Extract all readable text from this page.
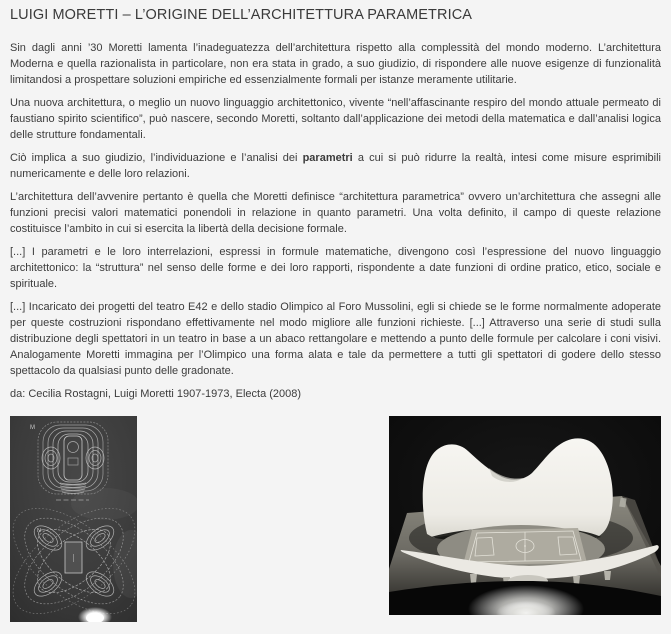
LUIGI MORETTI – L’ORIGINE DELL’ARCHITETTURA PARAMETRICA

Sin dagli anni ’30 Moretti lamenta l’inadeguatezza dell’architettura rispetto alla complessità del mondo moderno. L’architettura Moderna e quella razionalista in particolare, non era stata in grado, a suo giudizio, di rispondere alle nuove esigenze di funzionalità limitandosi a prospettare soluzioni empiriche ed essenzialmente formali per istanze meramente utilitarie.

Una nuova architettura, o meglio un nuovo linguaggio architettonico, vivente “nell’affascinante respiro del mondo attuale permeato di faustiano spirito scientifico”, può nascere, secondo Moretti, soltanto dall’applicazione dei metodi della matematica e dall’analisi logica delle strutture fondamentali.

Ciò implica a suo giudizio, l’individuazione e l’analisi dei parametri a cui si può ridurre la realtà, intesi come misure esprimibili numericamente e delle loro relazioni.

L’architettura dell’avvenire pertanto è quella che Moretti definisce “architettura parametrica” ovvero un’architettura che assegni alle funzioni precisi valori matematici ponendoli in relazione in quanto parametri. Una volta definito, il campo di queste relazione costituisce l’ambito in cui si esercita la libertà della decisione formale.

[...] I parametri e le loro interrelazioni, espressi in formule matematiche, divengono così l’espressione del nuovo linguaggio architettonico: la “struttura” nel senso delle forme e dei loro rapporti, rispondente a date funzioni di ordine pratico, etico, sociale e spirituale.

[...] Incaricato dei progetti del teatro E42 e dello stadio Olimpico al Foro Mussolini, egli si chiede se le forme normalmente adoperate per queste costruzioni rispondano effettivamente nel modo migliore alle funzioni richieste. [...] Attraverso una serie di studi sulla distribuzione degli spettatori in un teatro in base a un abaco rettangolare e mettendo a punto delle formule per calcolare i coni visivi. Analogamente Moretti immagina per l’Olimpico una forma alata e tale da permettere a tutti gli spettatori di godere dello stesso spettacolo da qualsiasi punto delle gradonate.

da: Cecilia Rostagni, Luigi Moretti 1907-1973, Electa (2008)

M
N
